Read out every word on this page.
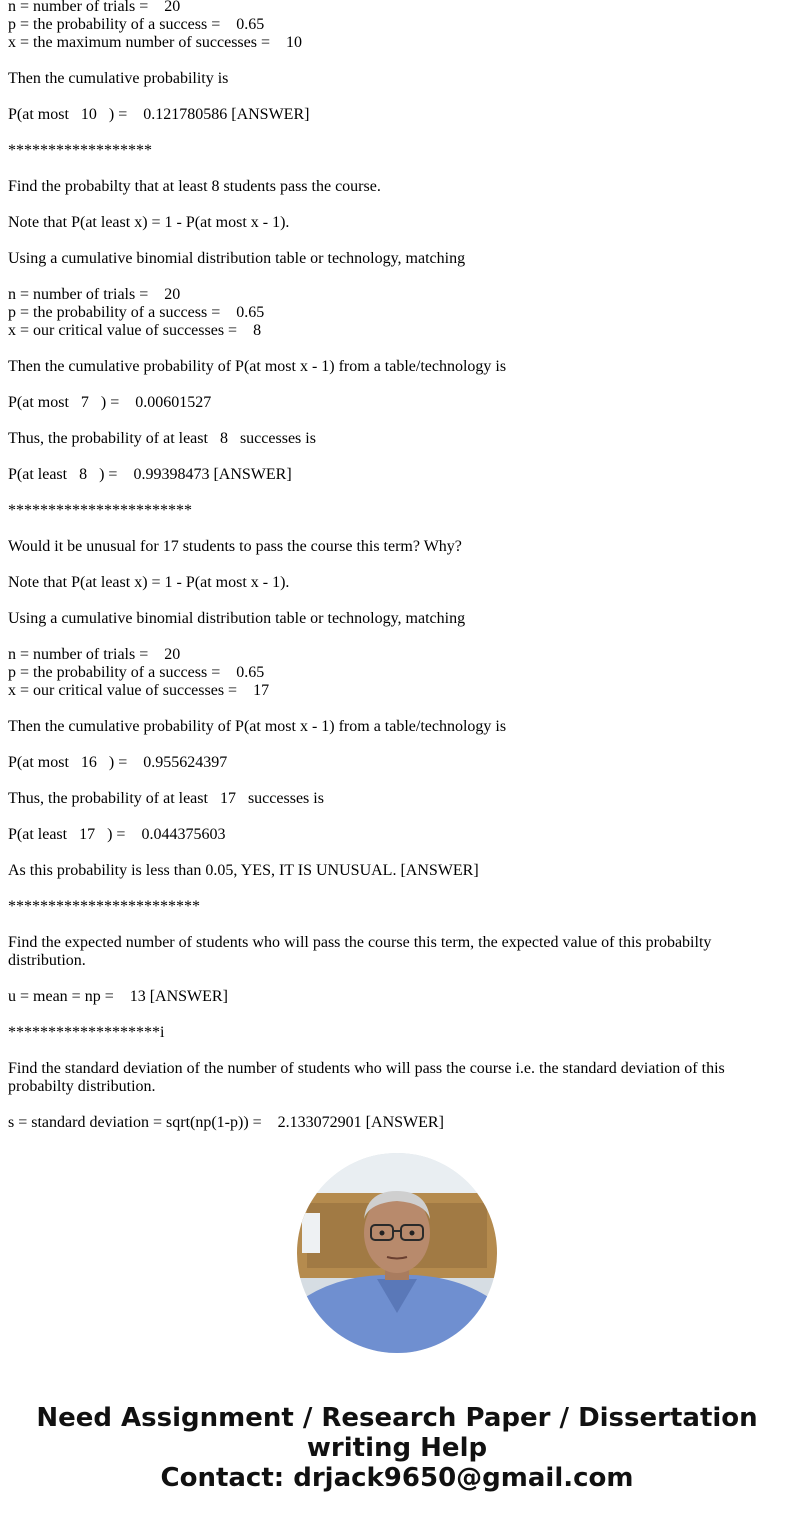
n = number of trials =    20

p = the probability of a success =    0.65

x = the maximum number of successes =    10

Then the cumulative probability is

P(at most   10   ) =    0.121780586 [ANSWER]

******************

Find the probabilty that at least 8 students pass the course.

Note that P(at least x) = 1 - P(at most x - 1).

Using a cumulative binomial distribution table or technology, matching

n = number of trials =    20

p = the probability of a success =    0.65

x = our critical value of successes =    8

Then the cumulative probability of P(at most x - 1) from a table/technology is

P(at most   7   ) =    0.00601527

Thus, the probability of at least   8   successes is

P(at least   8   ) =    0.99398473 [ANSWER]

***********************

Would it be unusual for 17 students to pass the course this term? Why?

Note that P(at least x) = 1 - P(at most x - 1).

Using a cumulative binomial distribution table or technology, matching

n = number of trials =    20

p = the probability of a success =    0.65

x = our critical value of successes =    17

Then the cumulative probability of P(at most x - 1) from a table/technology is

P(at most   16   ) =    0.955624397

Thus, the probability of at least   17   successes is

P(at least   17   ) =    0.044375603

As this probability is less than 0.05, YES, IT IS UNUSUAL. [ANSWER]

************************

Find the expected number of students who will pass the course this term, the expected value of this probabilty distribution.

u = mean = np =    13 [ANSWER]

*******************i

Find the standard deviation of the number of students who will pass the course i.e. the standard deviation of this probabilty distribution.

s = standard deviation = sqrt(np(1-p)) =    2.133072901 [ANSWER]

Need Assignment / Research Paper / Dissertation
writing Help
Contact: drjack9650@gmail.com
